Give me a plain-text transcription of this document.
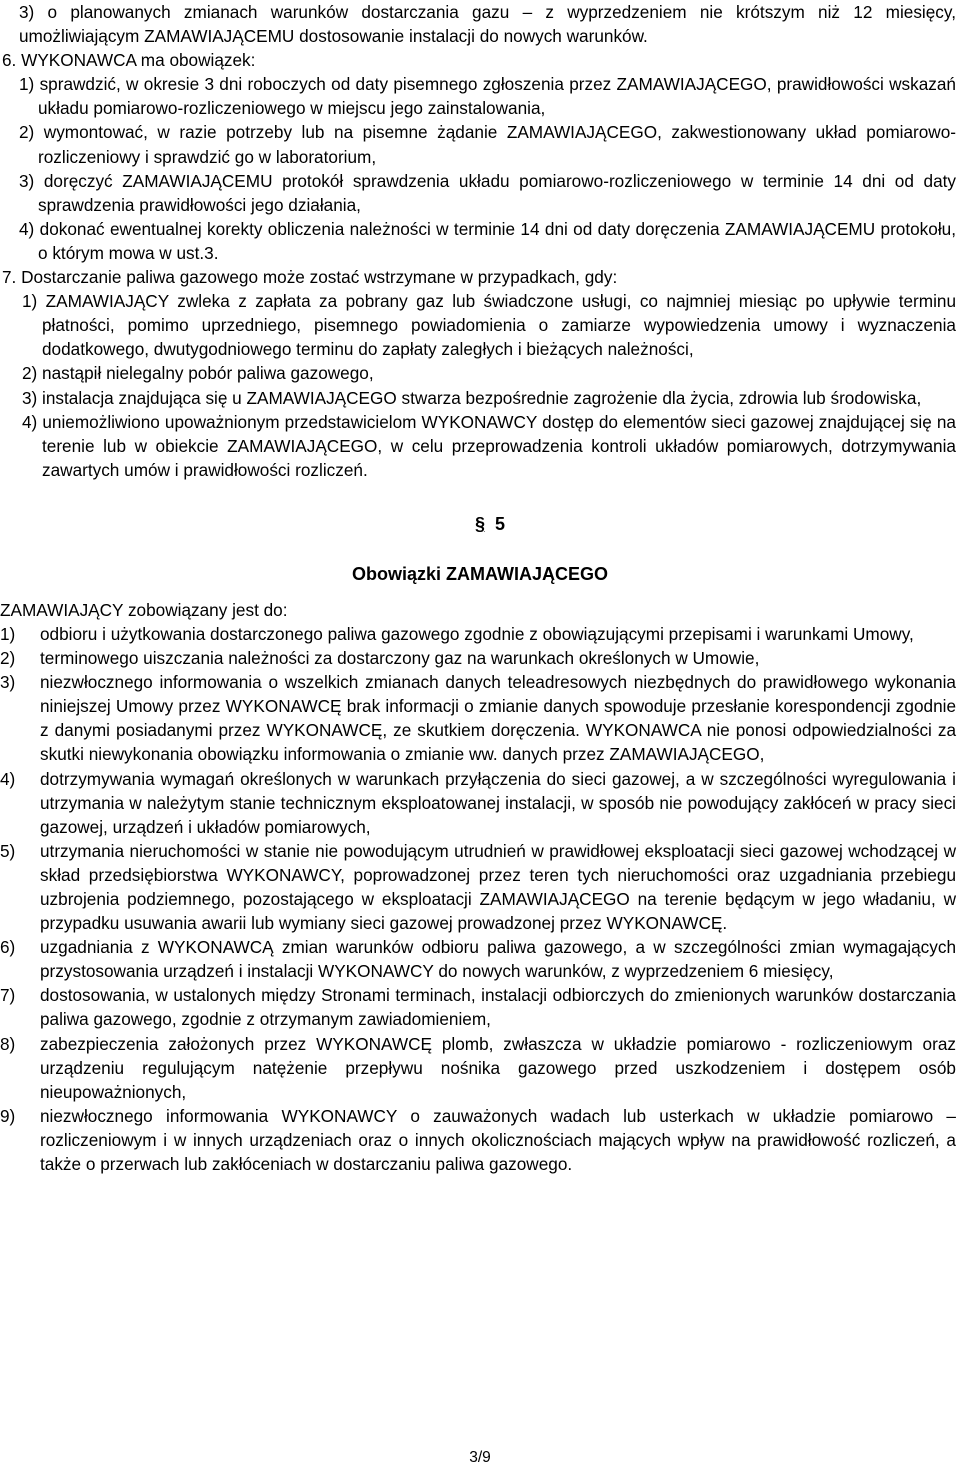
3) o planowanych zmianach warunków dostarczania gazu – z wyprzedzeniem nie krótszym niż 12 miesięcy, umożliwiającym ZAMAWIAJĄCEMU dostosowanie instalacji do nowych warunków.
6. WYKONAWCA ma obowiązek:
1) sprawdzić, w okresie 3 dni roboczych od daty pisemnego zgłoszenia przez ZAMAWIAJĄCEGO, prawidłowości wskazań układu pomiarowo-rozliczeniowego w miejscu jego zainstalowania,
2) wymontować, w razie potrzeby lub na pisemne żądanie ZAMAWIAJĄCEGO, zakwestionowany układ pomiarowo-rozliczeniowy i sprawdzić go w laboratorium,
3) doręczyć ZAMAWIAJĄCEMU protokół sprawdzenia układu pomiarowo-rozliczeniowego w terminie 14 dni od daty sprawdzenia prawidłowości jego działania,
4) dokonać ewentualnej korekty obliczenia należności w terminie 14 dni od daty doręczenia ZAMAWIAJĄCEMU protokołu, o którym mowa w ust.3.
7. Dostarczanie paliwa gazowego może zostać wstrzymane w przypadkach, gdy:
1) ZAMAWIAJĄCY zwleka z zapłata za pobrany gaz lub świadczone usługi, co najmniej miesiąc po upływie terminu płatności, pomimo uprzedniego, pisemnego powiadomienia o zamiarze wypowiedzenia umowy i wyznaczenia dodatkowego, dwutygodniowego terminu do zapłaty zaległych i bieżących należności,
2) nastąpił nielegalny pobór paliwa gazowego,
3) instalacja znajdująca się u ZAMAWIAJĄCEGO stwarza bezpośrednie zagrożenie dla życia, zdrowia lub środowiska,
4) uniemożliwiono upoważnionym przedstawicielom WYKONAWCY dostęp do elementów sieci gazowej znajdującej się na terenie lub w obiekcie ZAMAWIAJĄCEGO, w celu przeprowadzenia kontroli układów pomiarowych, dotrzymywania zawartych umów i prawidłowości rozliczeń.
§ 5
Obowiązki ZAMAWIAJĄCEGO
ZAMAWIAJĄCY zobowiązany jest do:
1) odbioru i użytkowania dostarczonego paliwa gazowego zgodnie z obowiązującymi przepisami i warunkami Umowy,
2) terminowego uiszczania należności za dostarczony gaz na warunkach określonych w Umowie,
3) niezwłocznego informowania o wszelkich zmianach danych teleadresowych niezbędnych do prawidłowego wykonania niniejszej Umowy przez WYKONAWCĘ brak informacji o zmianie danych spowoduje przesłanie korespondencji zgodnie z danymi posiadanymi przez WYKONAWCĘ, ze skutkiem doręczenia. WYKONAWCA nie ponosi odpowiedzialności za skutki niewykonania obowiązku informowania o zmianie ww. danych przez ZAMAWIAJĄCEGO,
4) dotrzymywania wymagań określonych w warunkach przyłączenia do sieci gazowej, a w szczególności wyregulowania i utrzymania w należytym stanie technicznym eksploatowanej instalacji, w sposób nie powodujący zakłóceń w pracy sieci gazowej, urządzeń i układów pomiarowych,
5) utrzymania nieruchomości w stanie nie powodującym utrudnień w prawidłowej eksploatacji sieci gazowej wchodzącej w skład przedsiębiorstwa WYKONAWCY, poprowadzonej przez teren tych nieruchomości oraz uzgadniania przebiegu uzbrojenia podziemnego, pozostającego w eksploatacji ZAMAWIAJĄCEGO na terenie będącym w jego władaniu, w przypadku usuwania awarii lub wymiany sieci gazowej prowadzonej przez WYKONAWCĘ.
6) uzgadniania z WYKONAWCĄ zmian warunków odbioru paliwa gazowego, a w szczególności zmian wymagających przystosowania urządzeń i instalacji WYKONAWCY do nowych warunków, z wyprzedzeniem 6 miesięcy,
7) dostosowania, w ustalonych między Stronami terminach, instalacji odbiorczych do zmienionych warunków dostarczania paliwa gazowego, zgodnie z otrzymanym zawiadomieniem,
8) zabezpieczenia założonych przez WYKONAWCĘ plomb, zwłaszcza w układzie pomiarowo - rozliczeniowym oraz urządzeniu regulującym natężenie przepływu nośnika gazowego przed uszkodzeniem i dostępem osób nieupoważnionych,
9) niezwłocznego informowania WYKONAWCY o zauważonych wadach lub usterkach w układzie pomiarowo –rozliczeniowym i w innych urządzeniach oraz o innych okolicznościach mających wpływ na prawidłowość rozliczeń, a także o przerwach lub zakłóceniach w dostarczaniu paliwa gazowego.
3/9
